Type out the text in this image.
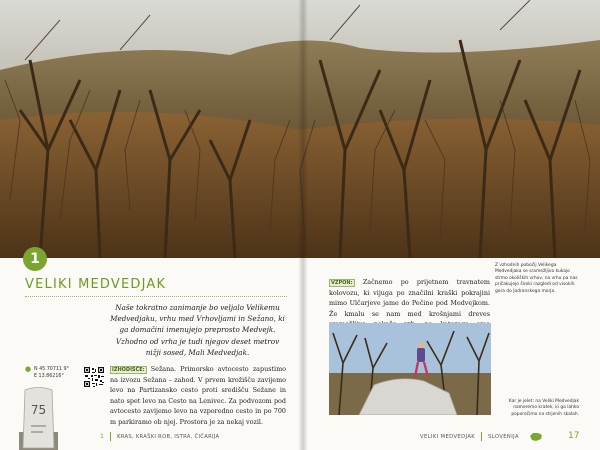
1
VELIKI MEDVEDJAK
Naše tokratno zanimanje bo veljalo Velikemu Medvedjaku, vrhu med Vrhovljami in Sežano, ki ga domačini imenujejo preprosto Medvejk. Vzhodno od vrha je tudi njegov deset metrov nižji sosed, Mali Medvedjak.
● N 45.70711 9°
E 13.86216°
75
IZHODIŠČE: Sežana. Primorsko avtocesto zapustimo na izvozu Sežana – zahod. V prvem krožišču zavijemo levo na Partizansko cesto proti središču Sežane in nato spet levo na Cesto na Lenivec. Za podvozom pod avtocesto zavijemo levo na vzporedno cesto in po 700 m parkiramo ob njej. Prostora je za nekaj vozil.
1	KRAS, KRAŠKI ROB, ISTRA, ČIČARIJA
Z vzhodnih pobočij Velikega Medvedjaka se sramežljivo kukajo strmo okoliških vrhov, na vrhu pa nas pričakujejo široki razgledi od visokih gora do Jadranskega morja.
VZPON: Začnemo po prijetnem travnatem kolovozu, ki vijuga po značilni kraški pokrajini mimo Ulčarjeve jame do Pečine pod Medvejkom. Že kmalu se nam med krošnjami dreves
Kar je jelet: na Veliki Medvedjak nameremo kratek, ki ga lahko poporečimo na strjenih skalah.
VELIKI MEDVEDJAK	SLOVENIJA	17
